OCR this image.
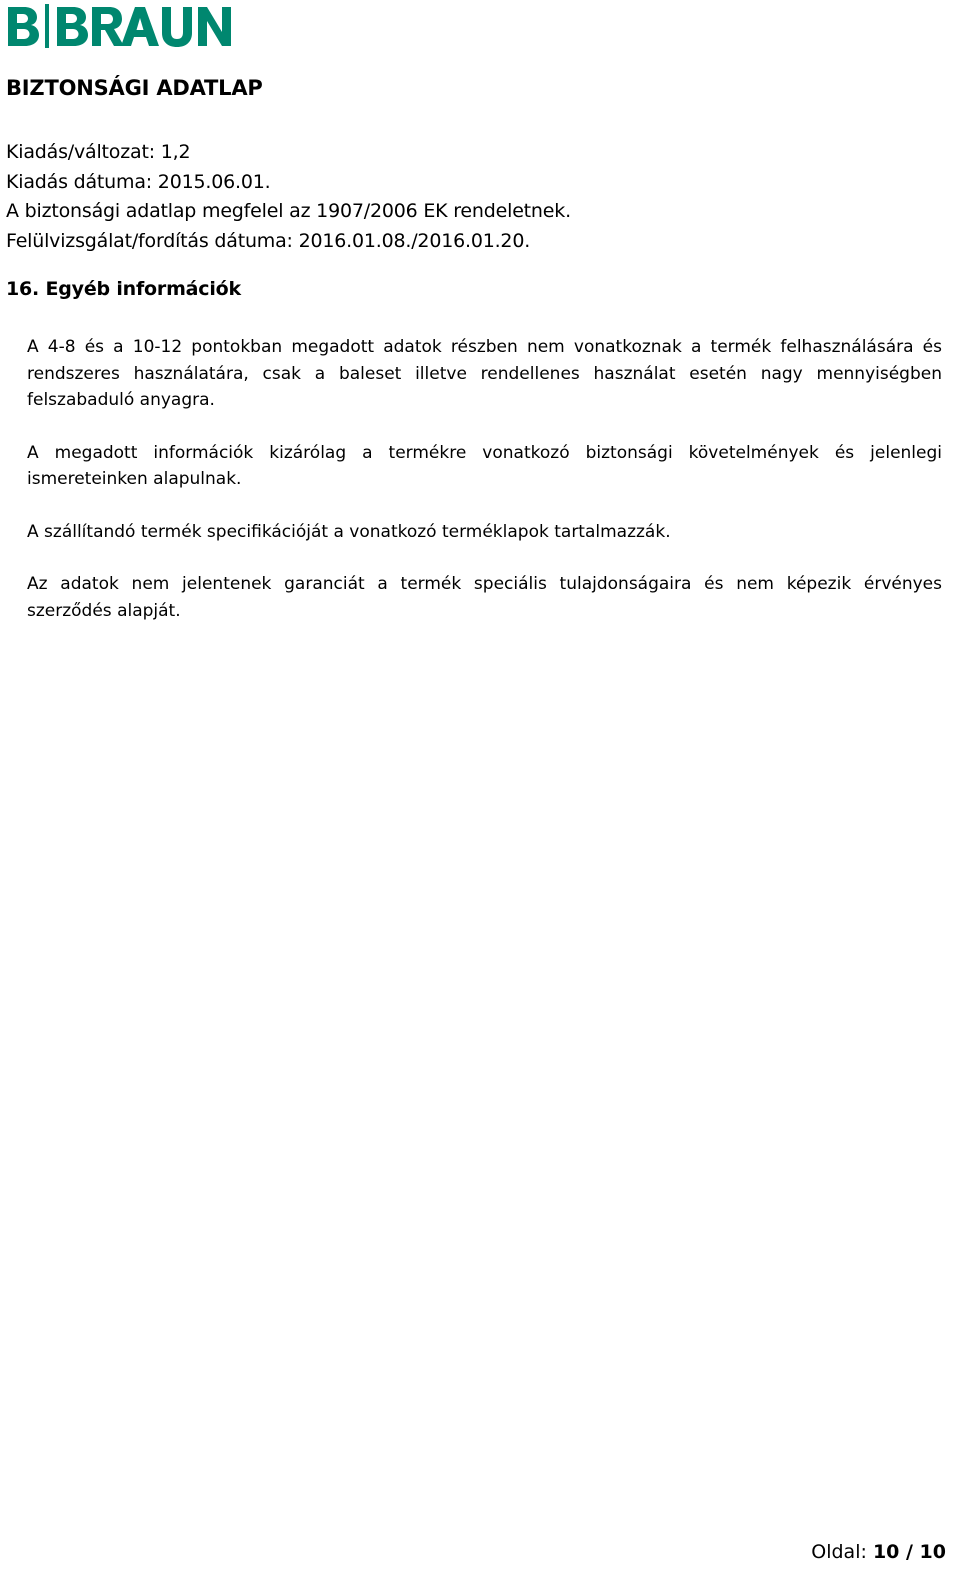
BIZTONSÁGI ADATLAP
Kiadás/változat: 1,2
Kiadás dátuma: 2015.06.01.
A biztonsági adatlap megfelel az 1907/2006 EK rendeletnek.
Felülvizsgálat/fordítás dátuma: 2016.01.08./2016.01.20.
16. Egyéb információk

A 4-8 és a 10-12 pontokban megadott adatok részben nem vonatkoznak a termék felhasználására és rendszeres használatára, csak a baleset illetve rendellenes használat esetén nagy mennyiségben felszabaduló anyagra.

A megadott információk kizárólag a termékre vonatkozó biztonsági követelmények és jelenlegi ismereteinken alapulnak.

A szállítandó termék specifikációját a vonatkozó terméklapok tartalmazzák.

Az adatok nem jelentenek garanciát a termék speciális tulajdonságaira és nem képezik érvényes szerződés alapját.

Oldal: 10 / 10
